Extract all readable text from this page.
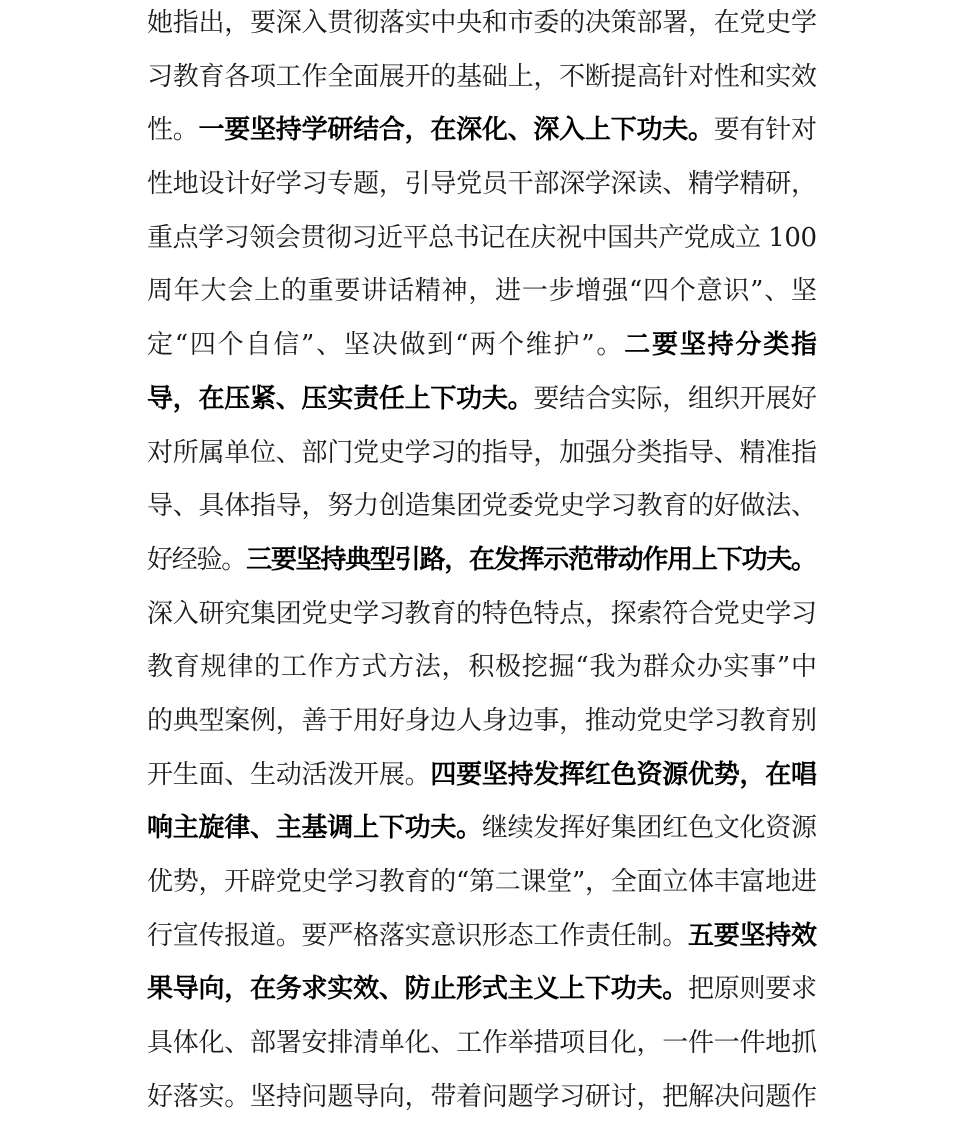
她指出，要深入贯彻落实中央和市委的决策部署，在党史学
习教育各项工作全面展开的基础上，不断提高针对性和实效
性。一要坚持学研结合，在深化、深入上下功夫。要有针对
性地设计好学习专题，引导党员干部深学深读、精学精研，
重点学习领会贯彻习近平总书记在庆祝中国共产党成立 100
周年大会上的重要讲话精神，进一步增强“四个意识”、坚
定“四个自信”、坚决做到“两个维护”。二要坚持分类指
导，在压紧、压实责任上下功夫。要结合实际，组织开展好
对所属单位、部门党史学习的指导，加强分类指导、精准指
导、具体指导，努力创造集团党委党史学习教育的好做法、
好经验。三要坚持典型引路，在发挥示范带动作用上下功夫。
深入研究集团党史学习教育的特色特点，探索符合党史学习
教育规律的工作方式方法，积极挖掘“我为群众办实事”中
的典型案例，善于用好身边人身边事，推动党史学习教育别
开生面、生动活泼开展。四要坚持发挥红色资源优势，在唱
响主旋律、主基调上下功夫。继续发挥好集团红色文化资源
优势，开辟党史学习教育的“第二课堂”，全面立体丰富地进
行宣传报道。要严格落实意识形态工作责任制。五要坚持效
果导向，在务求实效、防止形式主义上下功夫。把原则要求
具体化、部署安排清单化、工作举措项目化，一件一件地抓
好落实。坚持问题导向，带着问题学习研讨，把解决问题作
